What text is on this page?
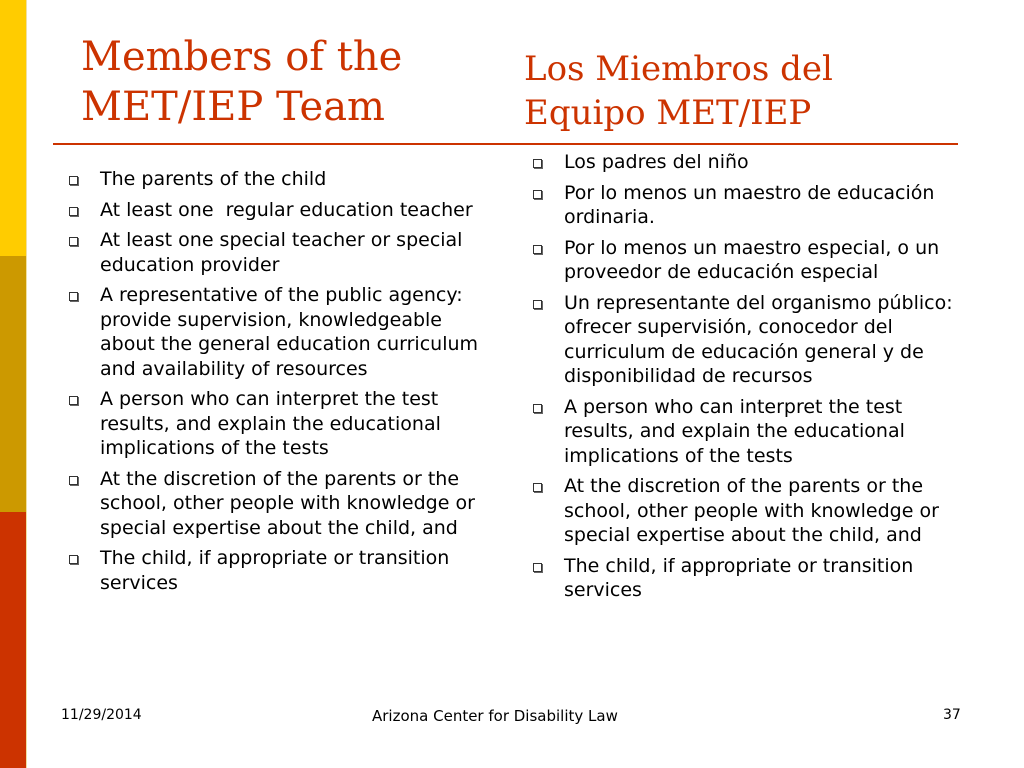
Members of the
MET/IEP Team
Los Miembros del
Equipo MET/IEP
The parents of the child
At least one  regular education teacher
At least one special teacher or special education provider
A representative of the public agency: provide supervision, knowledgeable about the general education curriculum and availability of resources
A person who can interpret the test results, and explain the educational implications of the tests
At the discretion of the parents or the school, other people with knowledge or special expertise about the child, and
The child, if appropriate or transition services
Los padres del niño
Por lo menos un maestro de educación ordinaria.
Por lo menos un maestro especial, o un proveedor de educación especial
Un representante del organismo público: ofrecer supervisión, conocedor del curriculum de educación general y de disponibilidad de recursos
A person who can interpret the test results, and explain the educational implications of the tests
At the discretion of the parents or the school, other people with knowledge or special expertise about the child, and
The child, if appropriate or transition services
11/29/2014	Arizona Center for Disability Law	37
